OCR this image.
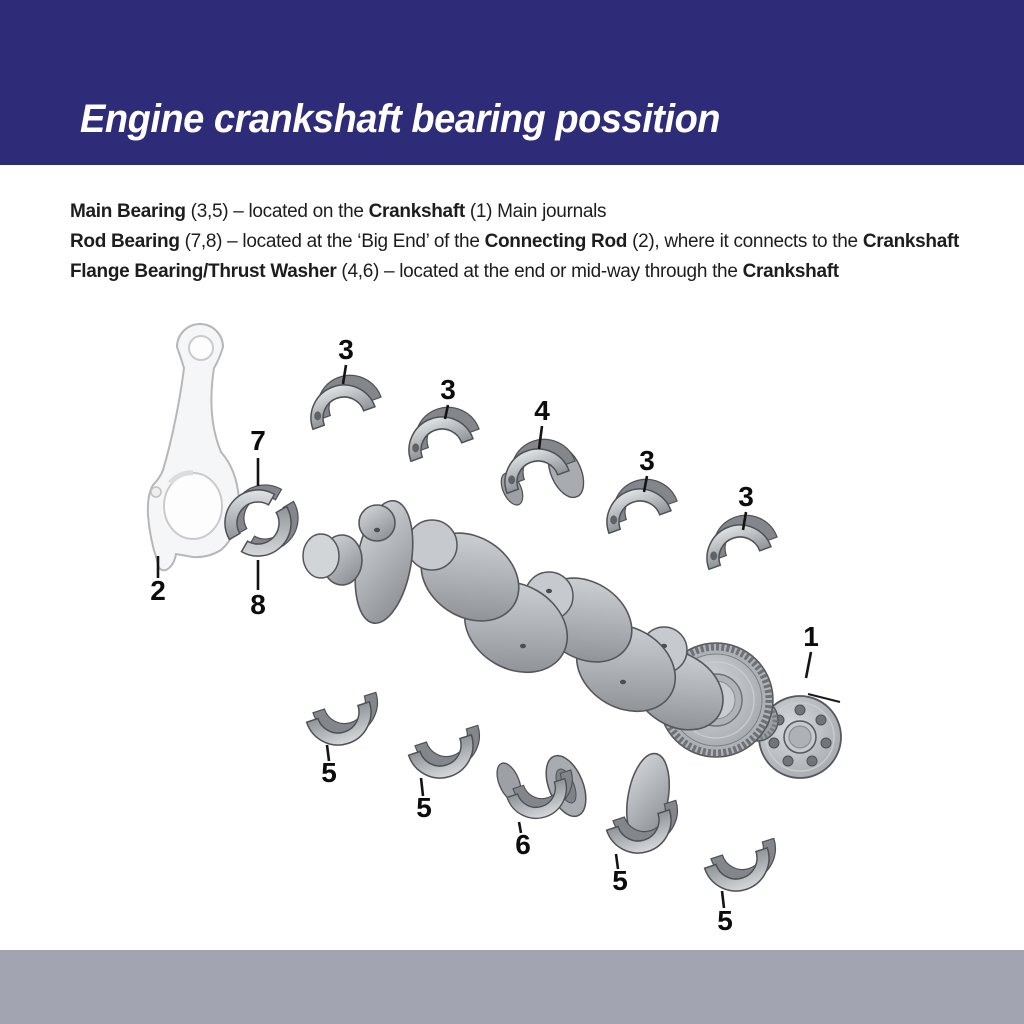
Engine crankshaft bearing possition

Main Bearing (3,5) – located on the Crankshaft (1) Main journals

Rod Bearing (7,8) – located at the ‘Big End’ of the Connecting Rod (2), where it connects to the Crankshaft

Flange Bearing/Thrust Washer (4,6) – located at the end or mid-way through the Crankshaft

2
7
8
3
3
4
3
3
1
5
5
6
5
5
